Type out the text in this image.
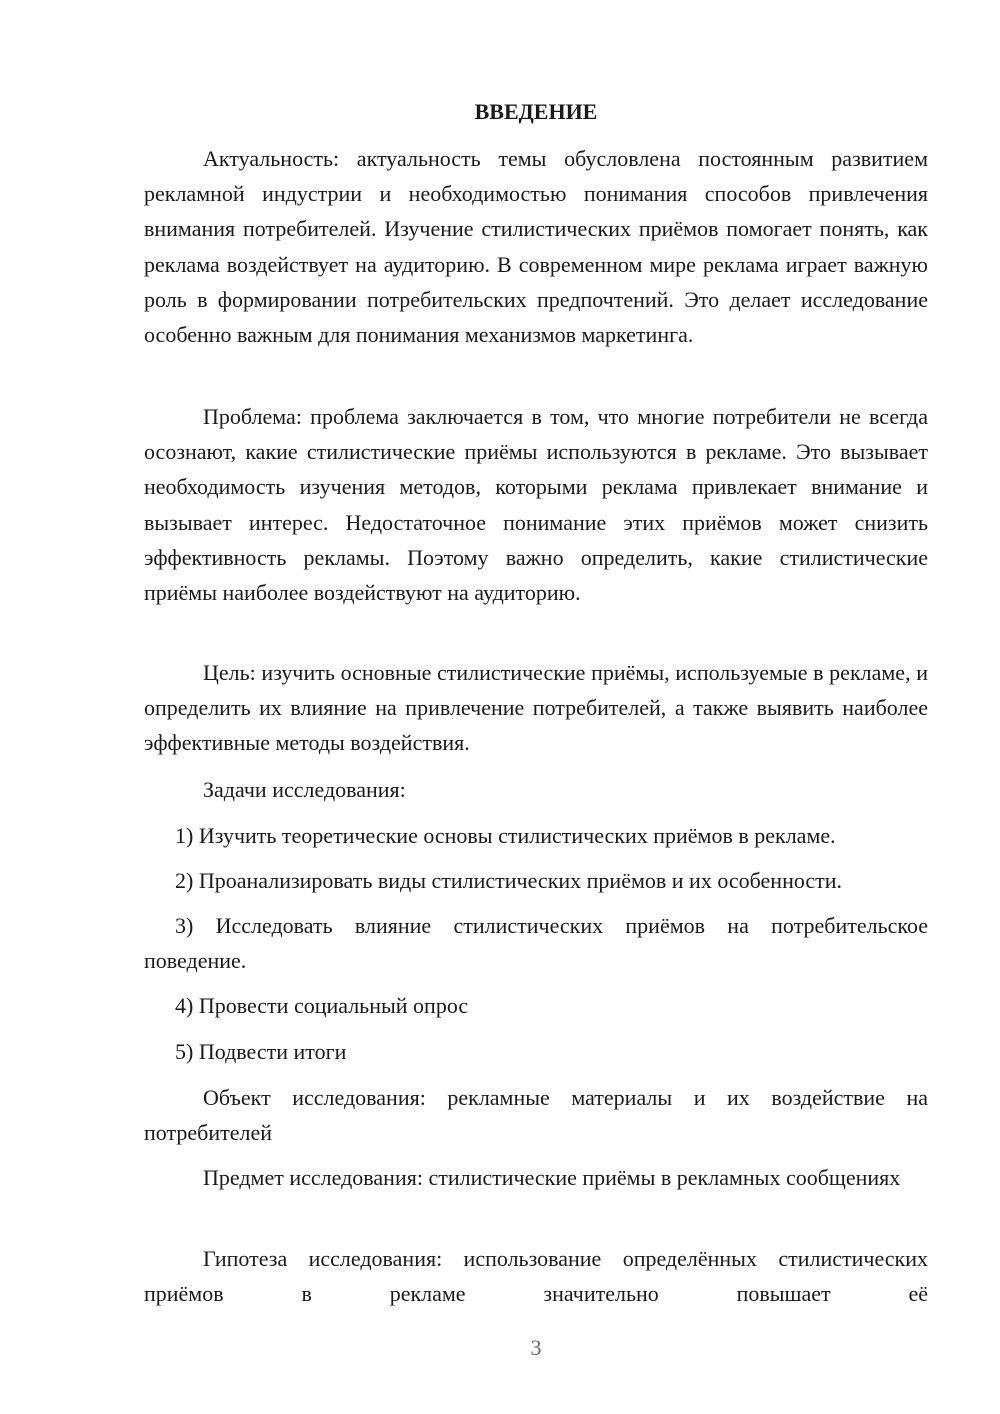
ВВЕДЕНИЕ

Актуальность: актуальность темы обусловлена постоянным развитием рекламной индустрии и необходимостью понимания способов привлечения внимания потребителей. Изучение стилистических приёмов помогает понять, как реклама воздействует на аудиторию. В современном мире реклама играет важную роль в формировании потребительских предпочтений. Это делает исследование особенно важным для понимания механизмов маркетинга.

Проблема: проблема заключается в том, что многие потребители не всегда осознают, какие стилистические приёмы используются в рекламе. Это вызывает необходимость изучения методов, которыми реклама привлекает внимание и вызывает интерес. Недостаточное понимание этих приёмов может снизить эффективность рекламы. Поэтому важно определить, какие стилистические приёмы наиболее воздействуют на аудиторию.

Цель: изучить основные стилистические приёмы, используемые в рекламе, и определить их влияние на привлечение потребителей, а также выявить наиболее эффективные методы воздействия.

Задачи исследования:

1) Изучить теоретические основы стилистических приёмов в рекламе.

2) Проанализировать виды стилистических приёмов и их особенности.

3) Исследовать влияние стилистических приёмов на потребительское поведение.

4) Провести социальный опрос

5) Подвести итоги

Объект исследования: рекламные материалы и их воздействие на потребителей

Предмет исследования: стилистические приёмы в рекламных сообщениях

Гипотеза исследования: использование определённых стилистических приёмов в рекламе значительно повышает её

3
